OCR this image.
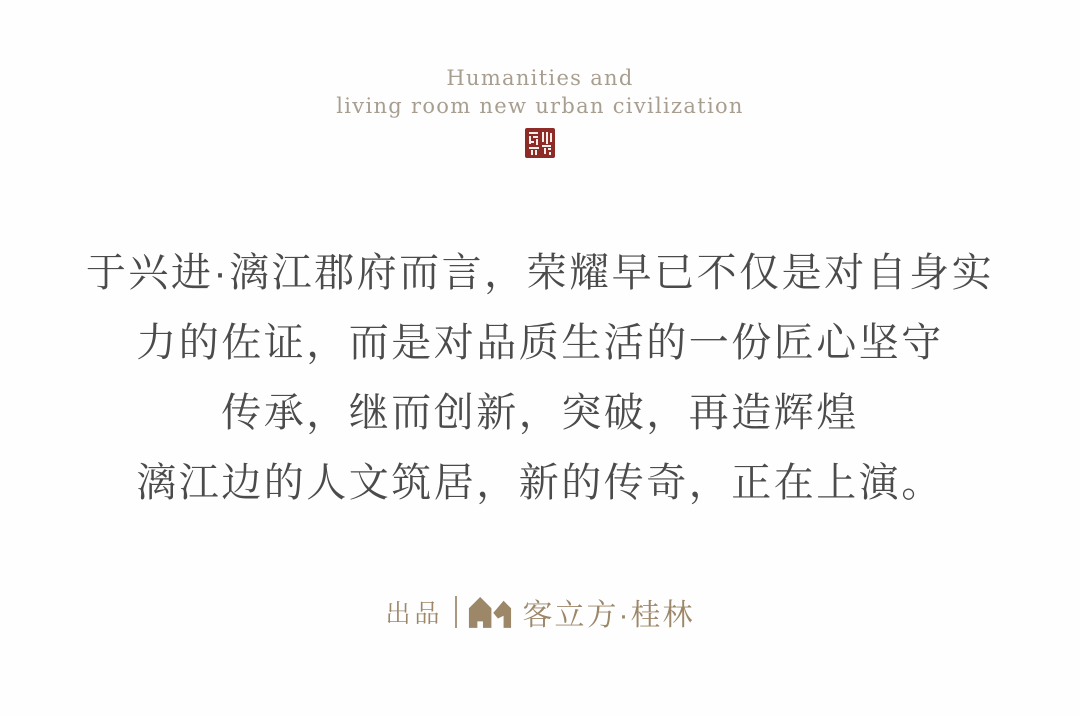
Humanities and
living room new urban civilization
于兴进·漓江郡府而言，荣耀早已不仅是对自身实
力的佐证，而是对品质生活的一份匠心坚守
传承，继而创新，突破，再造辉煌
漓江边的人文筑居，新的传奇，正在上演。
出品	客立方·桂林
